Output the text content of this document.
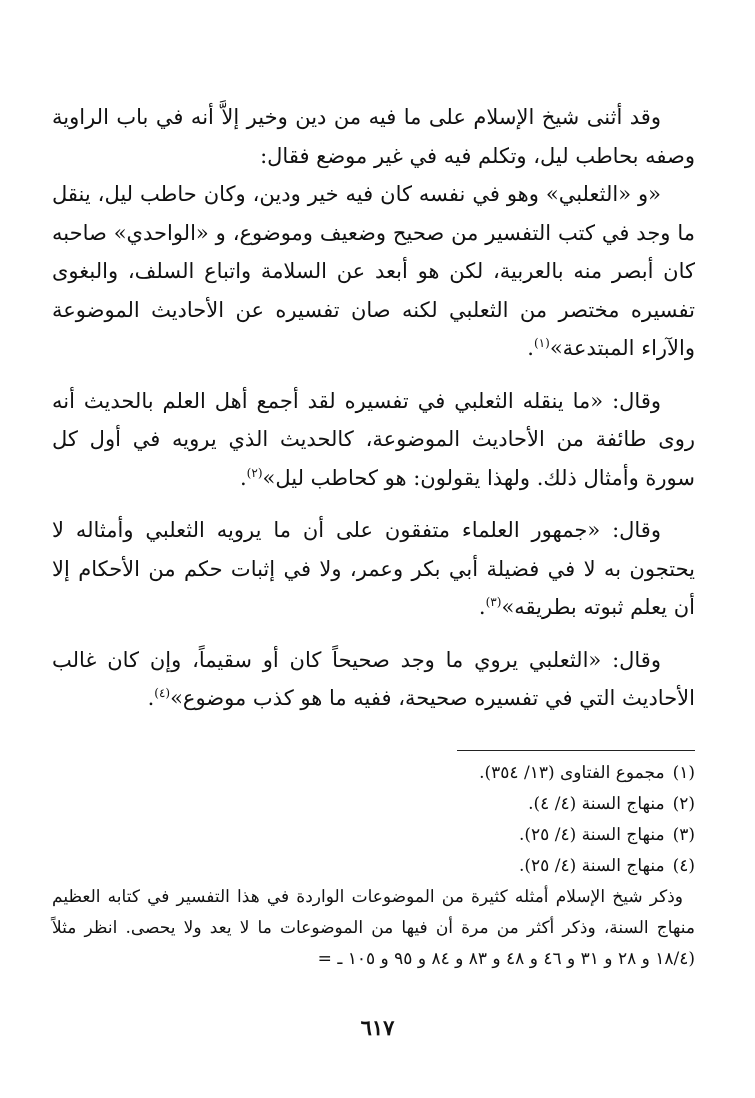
وقد أثنى شيخ الإسلام على ما فيه من دين وخير إلاَّ أنه في باب الراوية وصفه بحاطب ليل، وتكلم فيه في غير موضع فقال:

«و «الثعلبي» وهو في نفسه كان فيه خير ودين، وكان حاطب ليل، ينقل ما وجد في كتب التفسير من صحيح وضعيف وموضوع، و «الواحدي» صاحبه كان أبصر منه بالعربية، لكن هو أبعد عن السلامة واتباع السلف، والبغوى تفسيره مختصر من الثعلبي لكنه صان تفسيره عن الأحاديث الموضوعة والآراء المبتدعة»$^{(١)}$.

وقال: «ما ينقله الثعلبي في تفسيره لقد أجمع أهل العلم بالحديث أنه روى طائفة من الأحاديث الموضوعة، كالحديث الذي يرويه في أول كل سورة وأمثال ذلك. ولهذا يقولون: هو كحاطب ليل»$^{(٢)}$.

وقال: «جمهور العلماء متفقون على أن ما يرويه الثعلبي وأمثاله لا يحتجون به لا في فضيلة أبي بكر وعمر، ولا في إثبات حكم من الأحكام إلا أن يعلم ثبوته بطريقه»$^{(٣)}$.

وقال: «الثعلبي يروي ما وجد صحيحاً كان أو سقيماً، وإن كان غالب الأحاديث التي في تفسيره صحيحة، ففيه ما هو كذب موضوع»$^{(٤)}$.

(١)مجموع الفتاوى (١٣/ ٣٥٤).

(٢)منهاج السنة (٤/ ٤).

(٣)منهاج السنة (٤/ ٢٥).

(٤)منهاج السنة (٤/ ٢٥).

وذكر شيخ الإسلام أمثله كثيرة من الموضوعات الواردة في هذا التفسير في كتابه العظيم منهاج السنة، وذكر أكثر من مرة أن فيها من الموضوعات ما لا يعد ولا يحصى. انظر مثلاً (١٨/٤ و ٢٨ و ٣١ و ٤٦ و ٤٨ و ٨٣ و ٨٤ و ٩٥ و ١٠٥ ـ =

٦١٧
